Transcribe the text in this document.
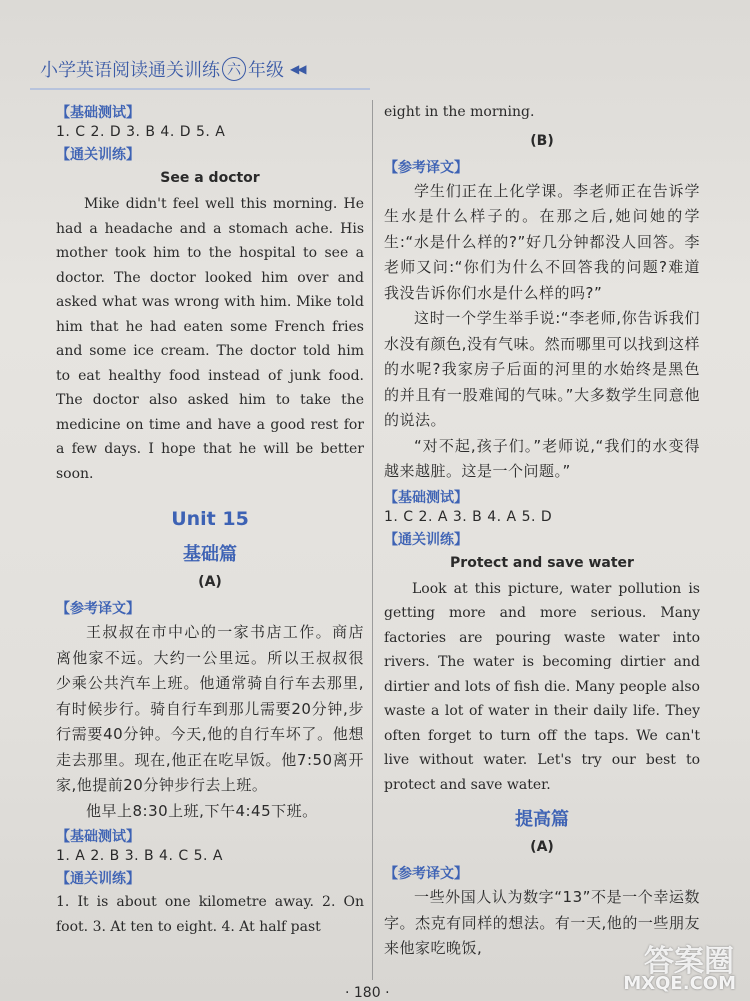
小学英语阅读通关训练 六 年级 ◀◀
【基础测试】
1. C 2. D 3. B 4. D 5. A
【通关训练】
See a doctor

Mike didn't feel well this morning. He had a headache and a stomach ache. His mother took him to the hospital to see a doctor. The doctor looked him over and asked what was wrong with him. Mike told him that he had eaten some French fries and some ice cream. The doctor told him to eat healthy food instead of junk food. The doctor also asked him to take the medicine on time and have a good rest for a few days. I hope that he will be better soon.

Unit 15
基础篇
(A)
【参考译文】

王叔叔在市中心的一家书店工作。商店离他家不远。大约一公里远。所以王叔叔很少乘公共汽车上班。他通常骑自行车去那里,有时候步行。骑自行车到那儿需要20分钟,步行需要40分钟。今天,他的自行车坏了。他想走去那里。现在,他正在吃早饭。他7:50离开家,他提前20分钟步行去上班。

他早上8:30上班,下午4:45下班。

【基础测试】
1. A 2. B 3. B 4. C 5. A
【通关训练】

1. It is about one kilometre away. 2. On foot. 3. At ten to eight. 4. At half past

eight in the morning.

(B)
【参考译文】

学生们正在上化学课。李老师正在告诉学生水是什么样子的。在那之后,她问她的学生:“水是什么样的?”好几分钟都没人回答。李老师又问:“你们为什么不回答我的问题?难道我没告诉你们水是什么样的吗?”

这时一个学生举手说:“李老师,你告诉我们水没有颜色,没有气味。然而哪里可以找到这样的水呢?我家房子后面的河里的水始终是黑色的并且有一股难闻的气味。”大多数学生同意他的说法。

“对不起,孩子们。”老师说,“我们的水变得越来越脏。这是一个问题。”

【基础测试】
1. C 2. A 3. B 4. A 5. D
【通关训练】
Protect and save water

Look at this picture, water pollution is getting more and more serious. Many factories are pouring waste water into rivers. The water is becoming dirtier and dirtier and lots of fish die. Many people also waste a lot of water in their daily life. They often forget to turn off the taps. We can't live without water. Let's try our best to protect and save water.

提高篇
(A)
【参考译文】

一些外国人认为数字“13”不是一个幸运数字。杰克有同样的想法。有一天,他的一些朋友来他家吃晚饭,

· 180 ·
答案圈
MXQE.COM
